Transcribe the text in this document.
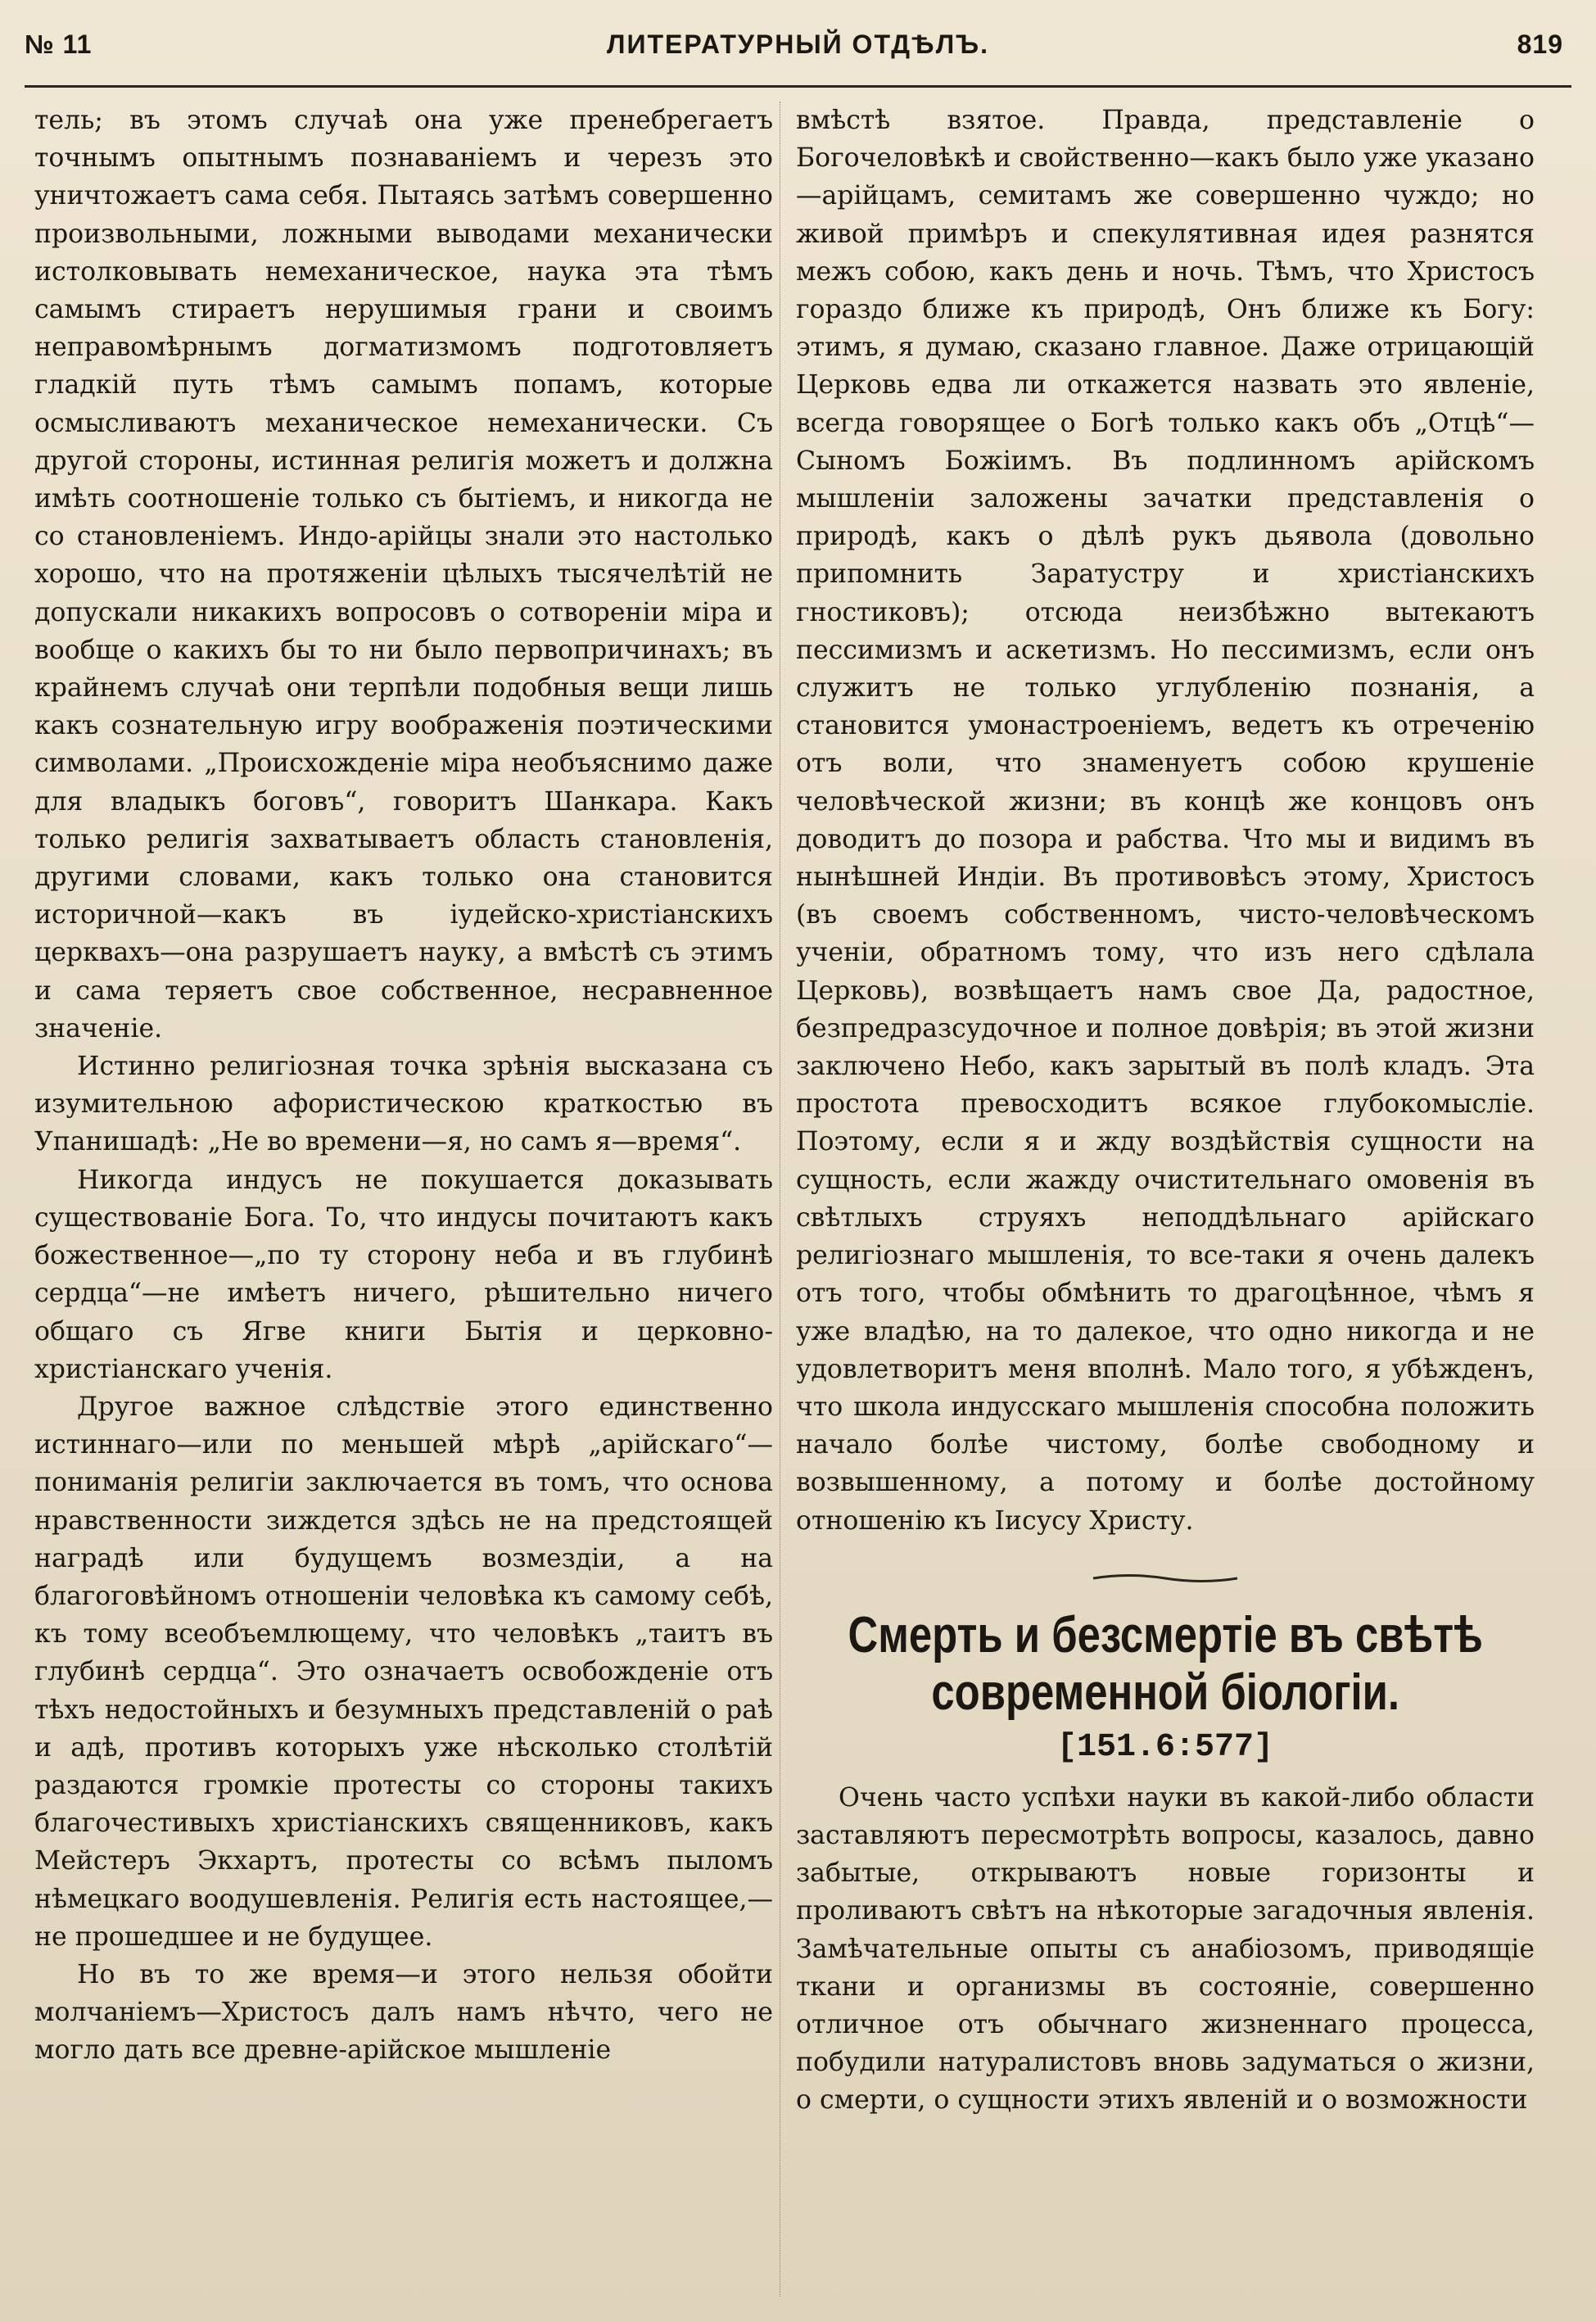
№ 11	ЛИТЕРАТУРНЫЙ ОТДѢЛЪ.	819

тель; въ этомъ случаѣ она уже пренебрегаетъ точнымъ опытнымъ познаваніемъ и черезъ это уничтожаетъ сама себя. Пытаясь затѣмъ совершенно произвольными, ложными выводами механически истолковывать немеханическое, наука эта тѣмъ самымъ стираетъ нерушимыя грани и своимъ неправомѣрнымъ догматизмомъ подготовляетъ гладкій путь тѣмъ самымъ попамъ, которые осмысливаютъ механическое немеханически. Съ другой стороны, истинная религія можетъ и должна имѣть соотношеніе только съ бытіемъ, и никогда не со становленіемъ. Индо-арійцы знали это настолько хорошо, что на протяженіи цѣлыхъ тысячелѣтій не допускали никакихъ вопросовъ о сотвореніи міра и вообще о какихъ бы то ни было первопричинахъ; въ крайнемъ случаѣ они терпѣли подобныя вещи лишь какъ сознательную игру воображенія поэтическими символами. „Происхожденіе міра необъяснимо даже для владыкъ боговъ“, говоритъ Шанкара. Какъ только религія захватываетъ область становленія, другими словами, какъ только она становится историчной—какъ въ іудейско-христіанскихъ церквахъ—она разрушаетъ науку, а вмѣстѣ съ этимъ и сама теряетъ свое собственное, несравненное значеніе.

Истинно религіозная точка зрѣнія высказана съ изумительною афористическою краткостью въ Упанишадѣ: „Не во времени—я, но самъ я—время“.

Никогда индусъ не покушается доказывать существованіе Бога. То, что индусы почитаютъ какъ божественное—„по ту сторону неба и въ глубинѣ сердца“—не имѣетъ ничего, рѣшительно ничего общаго съ Ягве книги Бытія и церковно-христіанскаго ученія.

Другое важное слѣдствіе этого единственно истиннаго—или по меньшей мѣрѣ „арійскаго“—пониманія религіи заключается въ томъ, что основа нравственности зиждется здѣсь не на предстоящей наградѣ или будущемъ возмездіи, а на благоговѣйномъ отношеніи человѣка къ самому себѣ, къ тому всеобъемлющему, что человѣкъ „таитъ въ глубинѣ сердца“. Это означаетъ освобожденіе отъ тѣхъ недостойныхъ и безумныхъ представленій о раѣ и адѣ, противъ которыхъ уже нѣсколько столѣтій раздаются громкіе протесты со стороны такихъ благочестивыхъ христіанскихъ священниковъ, какъ Мейстеръ Экхартъ, протесты со всѣмъ пыломъ нѣмецкаго воодушевленія. Религія есть настоящее,—не прошедшее и не будущее.

Но въ то же время—и этого нельзя обойти молчаніемъ—Христосъ далъ намъ нѣчто, чего не могло дать все древне-арійское мышленіе

вмѣстѣ взятое. Правда, представленіе о Богочеловѣкѣ и свойственно—какъ было уже указано—арійцамъ, семитамъ же совершенно чуждо; но живой примѣръ и спекулятивная идея разнятся межъ собою, какъ день и ночь. Тѣмъ, что Христосъ гораздо ближе къ природѣ, Онъ ближе къ Богу: этимъ, я думаю, сказано главное. Даже отрицающій Церковь едва ли откажется назвать это явленіе, всегда говорящее о Богѣ только какъ объ „Отцѣ“—Сыномъ Божіимъ. Въ подлинномъ арійскомъ мышленіи заложены зачатки представленія о природѣ, какъ о дѣлѣ рукъ дьявола (довольно припомнить Заратустру и христіанскихъ гностиковъ); отсюда неизбѣжно вытекаютъ пессимизмъ и аскетизмъ. Но пессимизмъ, если онъ служитъ не только углубленію познанія, а становится умонастроеніемъ, ведетъ къ отреченію отъ воли, что знаменуетъ собою крушеніе человѣческой жизни; въ концѣ же концовъ онъ доводитъ до позора и рабства. Что мы и видимъ въ нынѣшней Индіи. Въ противовѣсъ этому, Христосъ (въ своемъ собственномъ, чисто-человѣческомъ ученіи, обратномъ тому, что изъ него сдѣлала Церковь), возвѣщаетъ намъ свое Да, радостное, безпредразсудочное и полное довѣрія; въ этой жизни заключено Небо, какъ зарытый въ полѣ кладъ. Эта простота превосходитъ всякое глубокомысліе. Поэтому, если я и жду воздѣйствія сущности на сущность, если жажду очистительнаго омовенія въ свѣтлыхъ струяхъ неподдѣльнаго арійскаго религіознаго мышленія, то все-таки я очень далекъ отъ того, чтобы обмѣнить то драгоцѣнное, чѣмъ я уже владѣю, на то далекое, что одно никогда и не удовлетворитъ меня вполнѣ. Мало того, я убѣжденъ, что школа индусскаго мышленія способна положить начало болѣе чистому, болѣе свободному и возвышенному, а потому и болѣе достойному отношенію къ Іисусу Христу.

Смерть и безсмертіе въ свѣтѣ современной біологіи.
[151.6:577]

Очень часто успѣхи науки въ какой-либо области заставляютъ пересмотрѣть вопросы, казалось, давно забытые, открываютъ новые горизонты и проливаютъ свѣтъ на нѣкоторые загадочныя явленія. Замѣчательные опыты съ анабіозомъ, приводящіе ткани и организмы въ состояніе, совершенно отличное отъ обычнаго жизненнаго процесса, побудили натуралистовъ вновь задуматься о жизни, о смерти, о сущности этихъ явленій и о возможности
